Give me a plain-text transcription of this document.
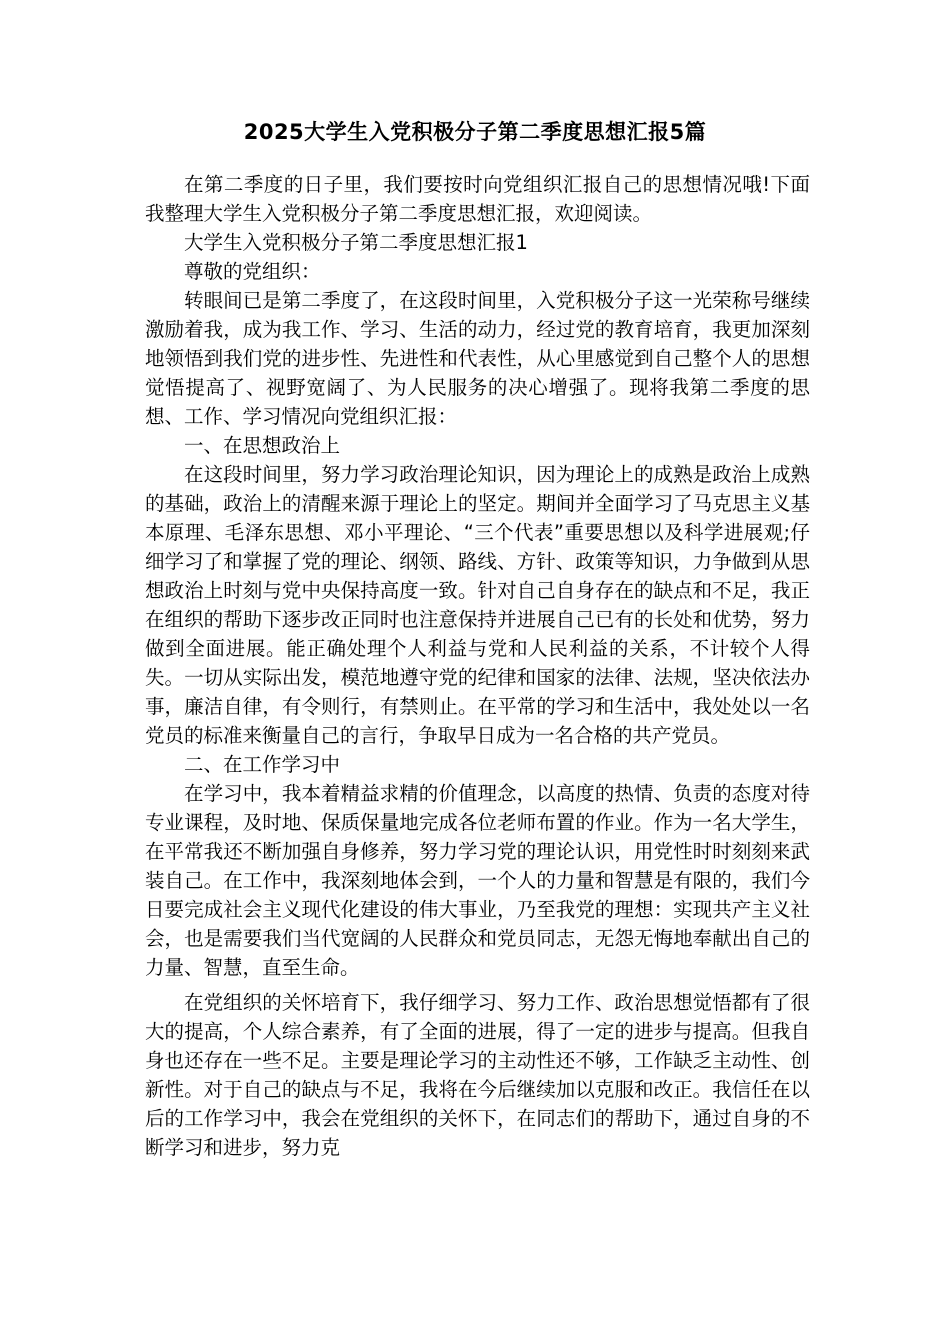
2025大学生入党积极分子第二季度思想汇报5篇

在第二季度的日子里，我们要按时向党组织汇报自己的思想情况哦!下面我整理大学生入党积极分子第二季度思想汇报，欢迎阅读。

大学生入党积极分子第二季度思想汇报1

尊敬的党组织：

转眼间已是第二季度了，在这段时间里，入党积极分子这一光荣称号继续激励着我，成为我工作、学习、生活的动力，经过党的教育培育，我更加深刻地领悟到我们党的进步性、先进性和代表性，从心里感觉到自己整个人的思想觉悟提高了、视野宽阔了、为人民服务的决心增强了。现将我第二季度的思想、工作、学习情况向党组织汇报：

一、在思想政治上

在这段时间里，努力学习政治理论知识，因为理论上的成熟是政治上成熟的基础，政治上的清醒来源于理论上的坚定。期间并全面学习了马克思主义基本原理、毛泽东思想、邓小平理论、“三个代表”重要思想以及科学进展观;仔细学习了和掌握了党的理论、纲领、路线、方针、政策等知识，力争做到从思想政治上时刻与党中央保持高度一致。针对自己自身存在的缺点和不足，我正在组织的帮助下逐步改正同时也注意保持并进展自己已有的长处和优势，努力做到全面进展。能正确处理个人利益与党和人民利益的关系，不计较个人得失。一切从实际出发，模范地遵守党的纪律和国家的法律、法规，坚决依法办事，廉洁自律，有令则行，有禁则止。在平常的学习和生活中，我处处以一名党员的标准来衡量自己的言行，争取早日成为一名合格的共产党员。

二、在工作学习中

在学习中，我本着精益求精的价值理念，以高度的热情、负责的态度对待专业课程，及时地、保质保量地完成各位老师布置的作业。作为一名大学生，在平常我还不断加强自身修养，努力学习党的理论认识，用党性时时刻刻来武装自己。在工作中，我深刻地体会到，一个人的力量和智慧是有限的，我们今日要完成社会主义现代化建设的伟大事业，乃至我党的理想：实现共产主义社会，也是需要我们当代宽阔的人民群众和党员同志，无怨无悔地奉献出自己的力量、智慧，直至生命。

在党组织的关怀培育下，我仔细学习、努力工作、政治思想觉悟都有了很大的提高，个人综合素养，有了全面的进展，得了一定的进步与提高。但我自身也还存在一些不足。主要是理论学习的主动性还不够，工作缺乏主动性、创新性。对于自己的缺点与不足，我将在今后继续加以克服和改正。我信任在以后的工作学习中，我会在党组织的关怀下，在同志们的帮助下，通过自身的不断学习和进步，努力克
